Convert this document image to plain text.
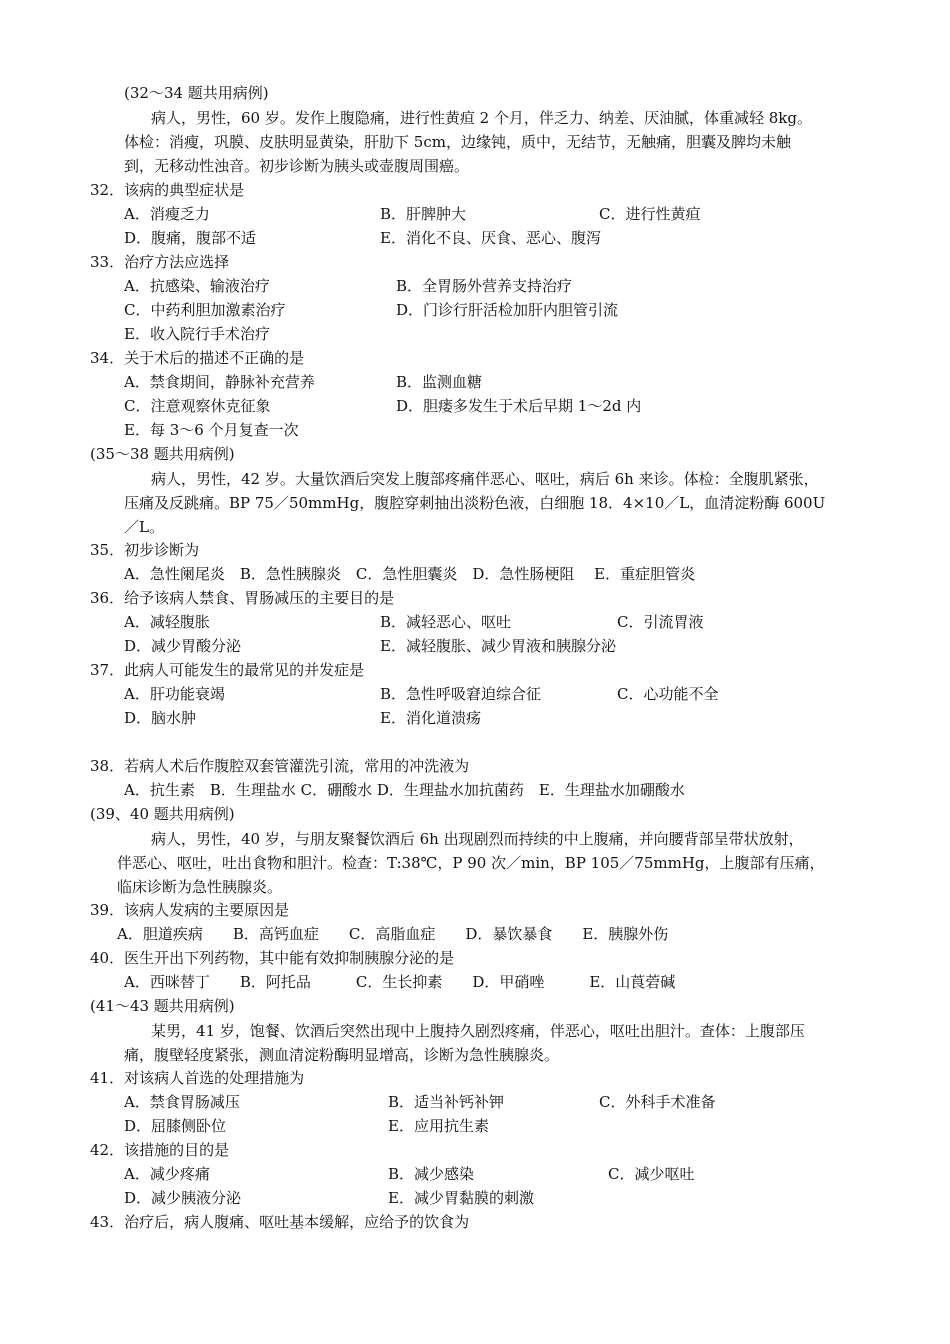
(32～34 题共用病例)
病人，男性，60 岁。发作上腹隐痛，进行性黄疸 2 个月，伴乏力、纳差、厌油腻，体重减轻 8kg。
体检：消瘦，巩膜、皮肤明显黄染，肝肋下 5cm，边缘钝，质中，无结节，无触痛，胆囊及脾均未触
到，无移动性浊音。初步诊断为胰头或壶腹周围癌。
32．该病的典型症状是
A．消瘦乏力	B．肝脾肿大	C．进行性黄疸
D．腹痛，腹部不适	E．消化不良、厌食、恶心、腹泻
33．治疗方法应选择
A．抗感染、输液治疗	B．全胃肠外营养支持治疗
C．中药利胆加激素治疗	D．门诊行肝活检加肝内胆管引流
E．收入院行手术治疗
34．关于术后的描述不正确的是
A．禁食期间，静脉补充营养	B．监测血糖
C．注意观察休克征象	D．胆瘘多发生于术后早期 1～2d 内
E．每 3～6 个月复查一次
(35～38 题共用病例)
病人，男性，42 岁。大量饮酒后突发上腹部疼痛伴恶心、呕吐，病后 6h 来诊。体检：全腹肌紧张，
压痛及反跳痛。BP 75／50mmHg，腹腔穿刺抽出淡粉色液，白细胞 18．4×10／L，血清淀粉酶 600U
／L。
35．初步诊断为
A．急性阑尾炎　B．急性胰腺炎　C．急性胆囊炎　D．急性肠梗阻　 E．重症胆管炎
36．给予该病人禁食、胃肠减压的主要目的是
A．减轻腹胀	B．减轻恶心、呕吐	C．引流胃液
D．减少胃酸分泌	E．减轻腹胀、减少胃液和胰腺分泌
37．此病人可能发生的最常见的并发症是
A．肝功能衰竭	B．急性呼吸窘迫综合征	C．心功能不全
D．脑水肿	E．消化道溃疡
38．若病人术后作腹腔双套管灌洗引流，常用的冲洗液为
A．抗生素　B．生理盐水 C．硼酸水 D．生理盐水加抗菌药　E．生理盐水加硼酸水
(39、40 题共用病例)
病人，男性，40 岁，与朋友聚餐饮酒后 6h 出现剧烈而持续的中上腹痛，并向腰背部呈带状放射，
伴恶心、呕吐，吐出食物和胆汁。检查：T:38℃，P 90 次／min，BP 105／75mmHg，上腹部有压痛，
临床诊断为急性胰腺炎。
39．该病人发病的主要原因是
A．胆道疾病　　B．高钙血症　　C．高脂血症　　D．暴饮暴食　　E．胰腺外伤
40．医生开出下列药物，其中能有效抑制胰腺分泌的是
A．西咪替丁　　B．阿托品　　　C．生长抑素　　D．甲硝唑　　　E．山莨菪碱
(41～43 题共用病例)
某男，41 岁，饱餐、饮酒后突然出现中上腹持久剧烈疼痛，伴恶心，呕吐出胆汁。查体：上腹部压
痛，腹壁轻度紧张，测血清淀粉酶明显增高，诊断为急性胰腺炎。
41．对该病人首选的处理措施为
A．禁食胃肠减压	B．适当补钙补钾	C．外科手术准备
D．屈膝侧卧位	E．应用抗生素
42．该措施的目的是
A．减少疼痛	B．减少感染	C．减少呕吐
D．减少胰液分泌	E．减少胃黏膜的刺激
43．治疗后，病人腹痛、呕吐基本缓解，应给予的饮食为
